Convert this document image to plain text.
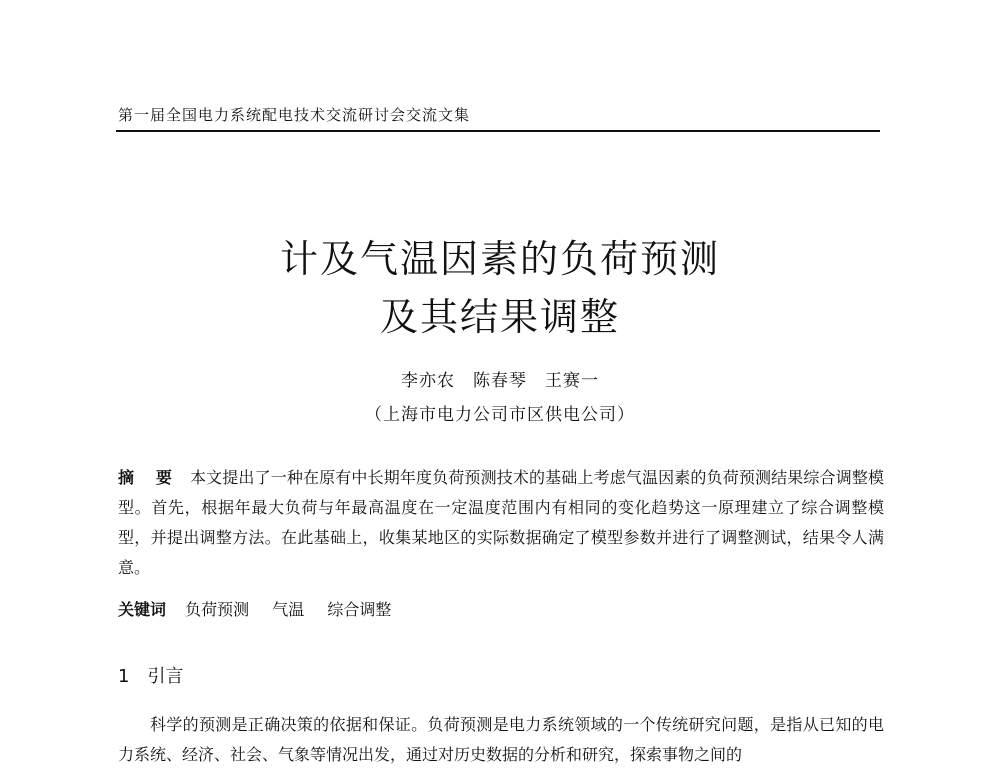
第一届全国电力系统配电技术交流研讨会交流文集
计及气温因素的负荷预测
及其结果调整
李亦农　陈春琴　王赛一
（上海市电力公司市区供电公司）
摘 要 本文提出了一种在原有中长期年度负荷预测技术的基础上考虑气温因素的负荷预测结果综合调整模型。首先，根据年最大负荷与年最高温度在一定温度范围内有相同的变化趋势这一原理建立了综合调整模型，并提出调整方法。在此基础上，收集某地区的实际数据确定了模型参数并进行了调整测试，结果令人满意。
关键词 负荷预测 气温 综合调整
1 引言
科学的预测是正确决策的依据和保证。负荷预测是电力系统领域的一个传统研究问题，是指从已知的电力系统、经济、社会、气象等情况出发，通过对历史数据的分析和研究，探索事物之间的
